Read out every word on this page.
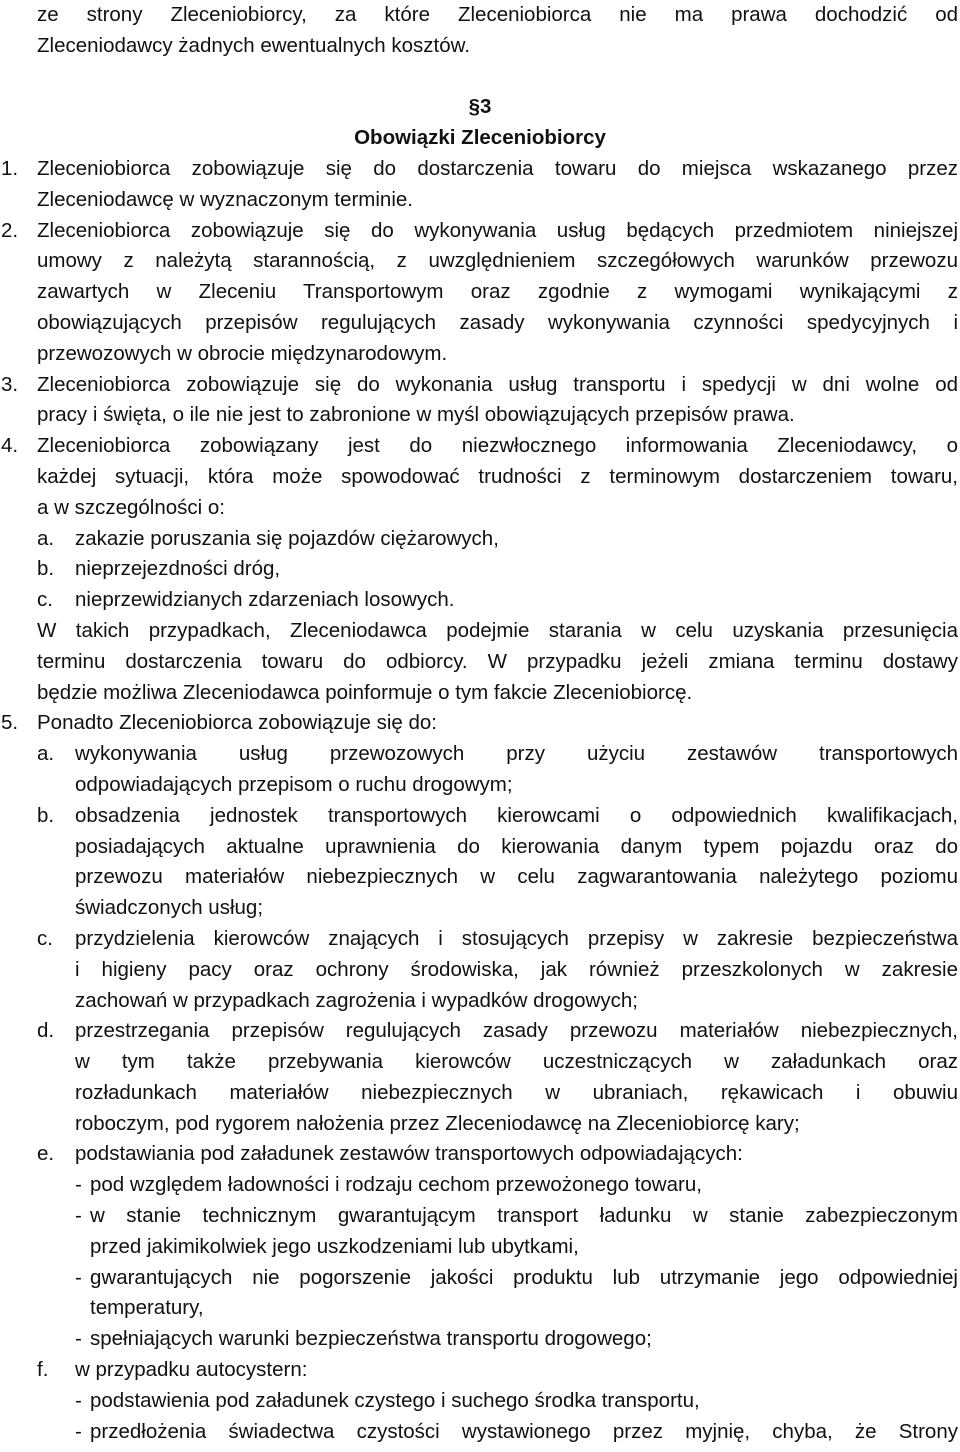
ze strony Zleceniobiorcy, za które Zleceniobiorca nie ma prawa dochodzić od
Zleceniodawcy żadnych ewentualnych kosztów.
§3
Obowiązki Zleceniobiorcy
1. Zleceniobiorca zobowiązuje się do dostarczenia towaru do miejsca wskazanego przez
Zleceniodawcę w wyznaczonym terminie.
2. Zleceniobiorca zobowiązuje się do wykonywania usług będących przedmiotem niniejszej
umowy z należytą starannością, z uwzględnieniem szczegółowych warunków przewozu
zawartych w Zleceniu Transportowym oraz zgodnie z wymogami wynikającymi z
obowiązujących przepisów regulujących zasady wykonywania czynności spedycyjnych i
przewozowych w obrocie międzynarodowym.
3. Zleceniobiorca zobowiązuje się do wykonania usług transportu i spedycji w dni wolne od
pracy i święta, o ile nie jest to zabronione w myśl obowiązujących przepisów prawa.
4. Zleceniobiorca zobowiązany jest do niezwłocznego informowania Zleceniodawcy, o
każdej sytuacji, która może spowodować trudności z terminowym dostarczeniem towaru,
a w szczególności o:
a. zakazie poruszania się pojazdów ciężarowych,
b. nieprzejezdności dróg,
c. nieprzewidzianych zdarzeniach losowych.
W takich przypadkach, Zleceniodawca podejmie starania w celu uzyskania przesunięcia
terminu dostarczenia towaru do odbiorcy. W przypadku jeżeli zmiana terminu dostawy
będzie możliwa Zleceniodawca poinformuje o tym fakcie Zleceniobiorcę.
5. Ponadto Zleceniobiorca zobowiązuje się do:
a. wykonywania usług przewozowych przy użyciu zestawów transportowych
odpowiadających przepisom o ruchu drogowym;
b. obsadzenia jednostek transportowych kierowcami o odpowiednich kwalifikacjach,
posiadających aktualne uprawnienia do kierowania danym typem pojazdu oraz do
przewozu materiałów niebezpiecznych w celu zagwarantowania należytego poziomu
świadczonych usług;
c. przydzielenia kierowców znających i stosujących przepisy w zakresie bezpieczeństwa
i higieny pacy oraz ochrony środowiska, jak również przeszkolonych w zakresie
zachowań w przypadkach zagrożenia i wypadków drogowych;
d. przestrzegania przepisów regulujących zasady przewozu materiałów niebezpiecznych,
w tym także przebywania kierowców uczestniczących w załadunkach oraz
rozładunkach materiałów niebezpiecznych w ubraniach, rękawicach i obuwiu
roboczym, pod rygorem nałożenia przez Zleceniodawcę na Zleceniobiorcę kary;
e. podstawiania pod załadunek zestawów transportowych odpowiadających:
- pod względem ładowności i rodzaju cechom przewożonego towaru,
- w stanie technicznym gwarantującym transport ładunku w stanie zabezpieczonym
przed jakimikolwiek jego uszkodzeniami lub ubytkami,
- gwarantujących nie pogorszenie jakości produktu lub utrzymanie jego odpowiedniej
temperatury,
- spełniających warunki bezpieczeństwa transportu drogowego;
f. w przypadku autocystern:
- podstawienia pod załadunek czystego i suchego środka transportu,
- przedłożenia świadectwa czystości wystawionego przez myjnię, chyba, że Strony
